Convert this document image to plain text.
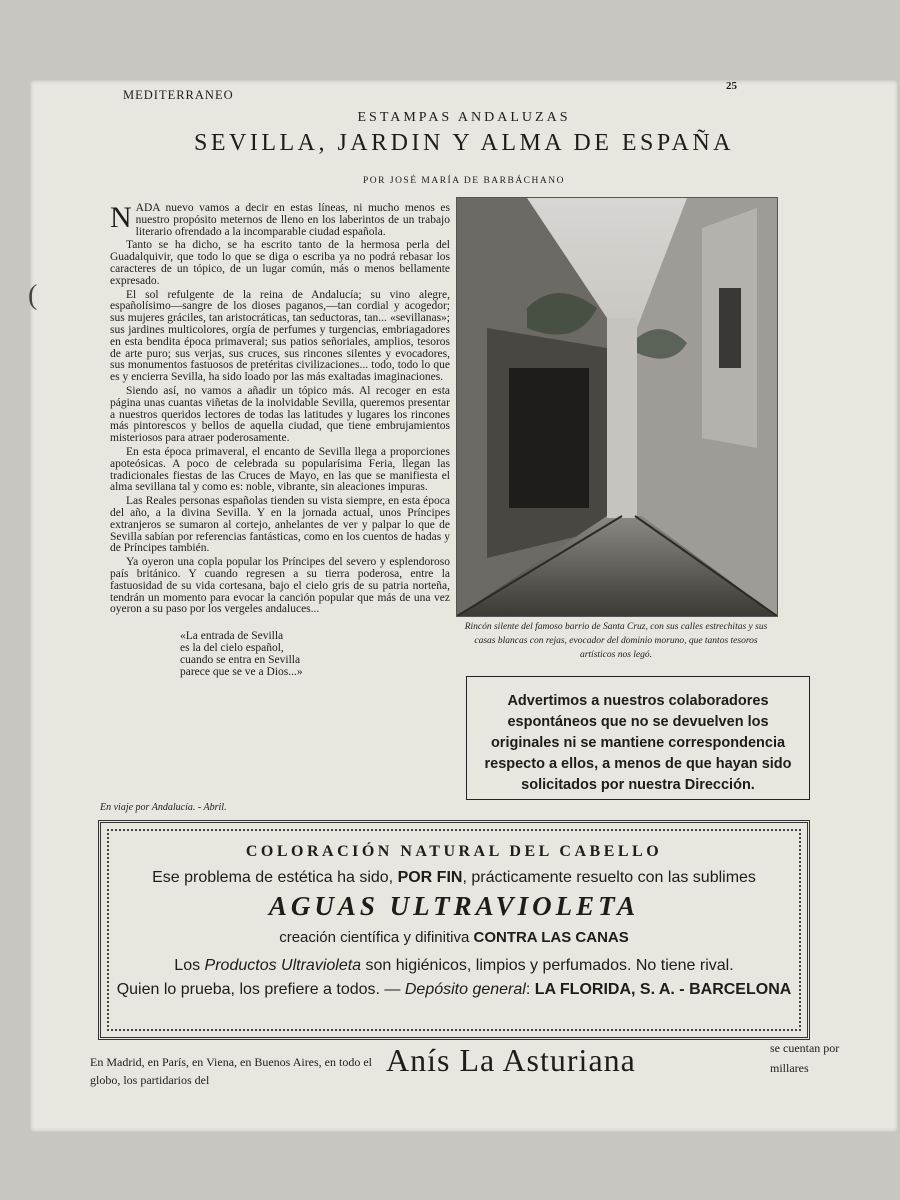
(
MEDITERRANEO
25
ESTAMPAS ANDALUZAS
SEVILLA, JARDIN Y ALMA DE ESPAÑA
POR JOSÉ MARÍA DE BARBÁCHANO

NADA nuevo vamos a decir en estas líneas, ni mucho menos es nuestro propósito meternos de lleno en los laberintos de un trabajo literario ofrendado a la incomparable ciudad española.

Tanto se ha dicho, se ha escrito tanto de la hermosa perla del Guadalquivir, que todo lo que se diga o escriba ya no podrá rebasar los caracteres de un tópico, de un lugar común, más o menos bellamente expresado.

El sol refulgente de la reina de Andalucía; su vino alegre, españolísimo—sangre de los dioses paganos,—tan cordial y acogedor; sus mujeres gráciles, tan aristocráticas, tan seductoras, tan... «sevillanas»; sus jardines multicolores, orgía de perfumes y turgencias, embriagadores en esta bendita época primaveral; sus patios señoriales, amplios, tesoros de arte puro; sus verjas, sus cruces, sus rincones silentes y evocadores, sus monumentos fastuosos de pretéritas civilizaciones... todo, todo lo que es y encierra Sevilla, ha sido loado por las más exaltadas imaginaciones.

Siendo así, no vamos a añadir un tópico más. Al recoger en esta página unas cuantas viñetas de la inolvidable Sevilla, queremos presentar a nuestros queridos lectores de todas las latitudes y lugares los rincones más pintorescos y bellos de aquella ciudad, que tiene embrujamientos misteriosos para atraer poderosamente.

En esta época primaveral, el encanto de Sevilla llega a proporciones apoteósicas. A poco de celebrada su popularísima Feria, llegan las tradicionales fiestas de las Cruces de Mayo, en las que se manifiesta el alma sevillana tal y como es: noble, vibrante, sin aleaciones impuras.

Las Reales personas españolas tienden su vista siempre, en esta época del año, a la divina Sevilla. Y en la jornada actual, unos Príncipes extranjeros se sumaron al cortejo, anhelantes de ver y palpar lo que de Sevilla sabían por referencias fantásticas, como en los cuentos de hadas y de Príncipes también.

Ya oyeron una copla popular los Príncipes del severo y esplendoroso país británico. Y cuando regresen a su tierra poderosa, entre la fastuosidad de su vida cortesana, bajo el cielo gris de su patria norteña, tendrán un momento para evocar la canción popular que más de una vez oyeron a su paso por los vergeles andaluces...

«La entrada de Sevilla
es la del cielo español,
cuando se entra en Sevilla
parece que se ve a Dios...»
En viaje por Andalucía. - Abril.
Rincón silente del famoso barrio de Santa Cruz, con sus calles estrechitas y sus casas blancas con rejas, evocador del dominio moruno, que tantos tesoros artísticos nos legó.
Advertimos a nuestros colaboradores espontáneos que no se devuelven los originales ni se mantiene correspondencia respecto a ellos, a menos de que hayan sido solicitados por nuestra Dirección.
COLORACIÓN NATURAL DEL CABELLO
Ese problema de estética ha sido, POR FIN, prácticamente resuelto con las sublimes
AGUAS ULTRAVIOLETA
creación científica y difinitiva CONTRA LAS CANAS
Los Productos Ultravioleta son higiénicos, limpios y perfumados. No tiene rival.
Quien lo prueba, los prefiere a todos. — Depósito general: LA FLORIDA, S. A. - BARCELONA
En Madrid, en París, en Viena, en Buenos Aires, en todo el globo, los partidarios del
Anís La Asturiana	se cuentan por millares
